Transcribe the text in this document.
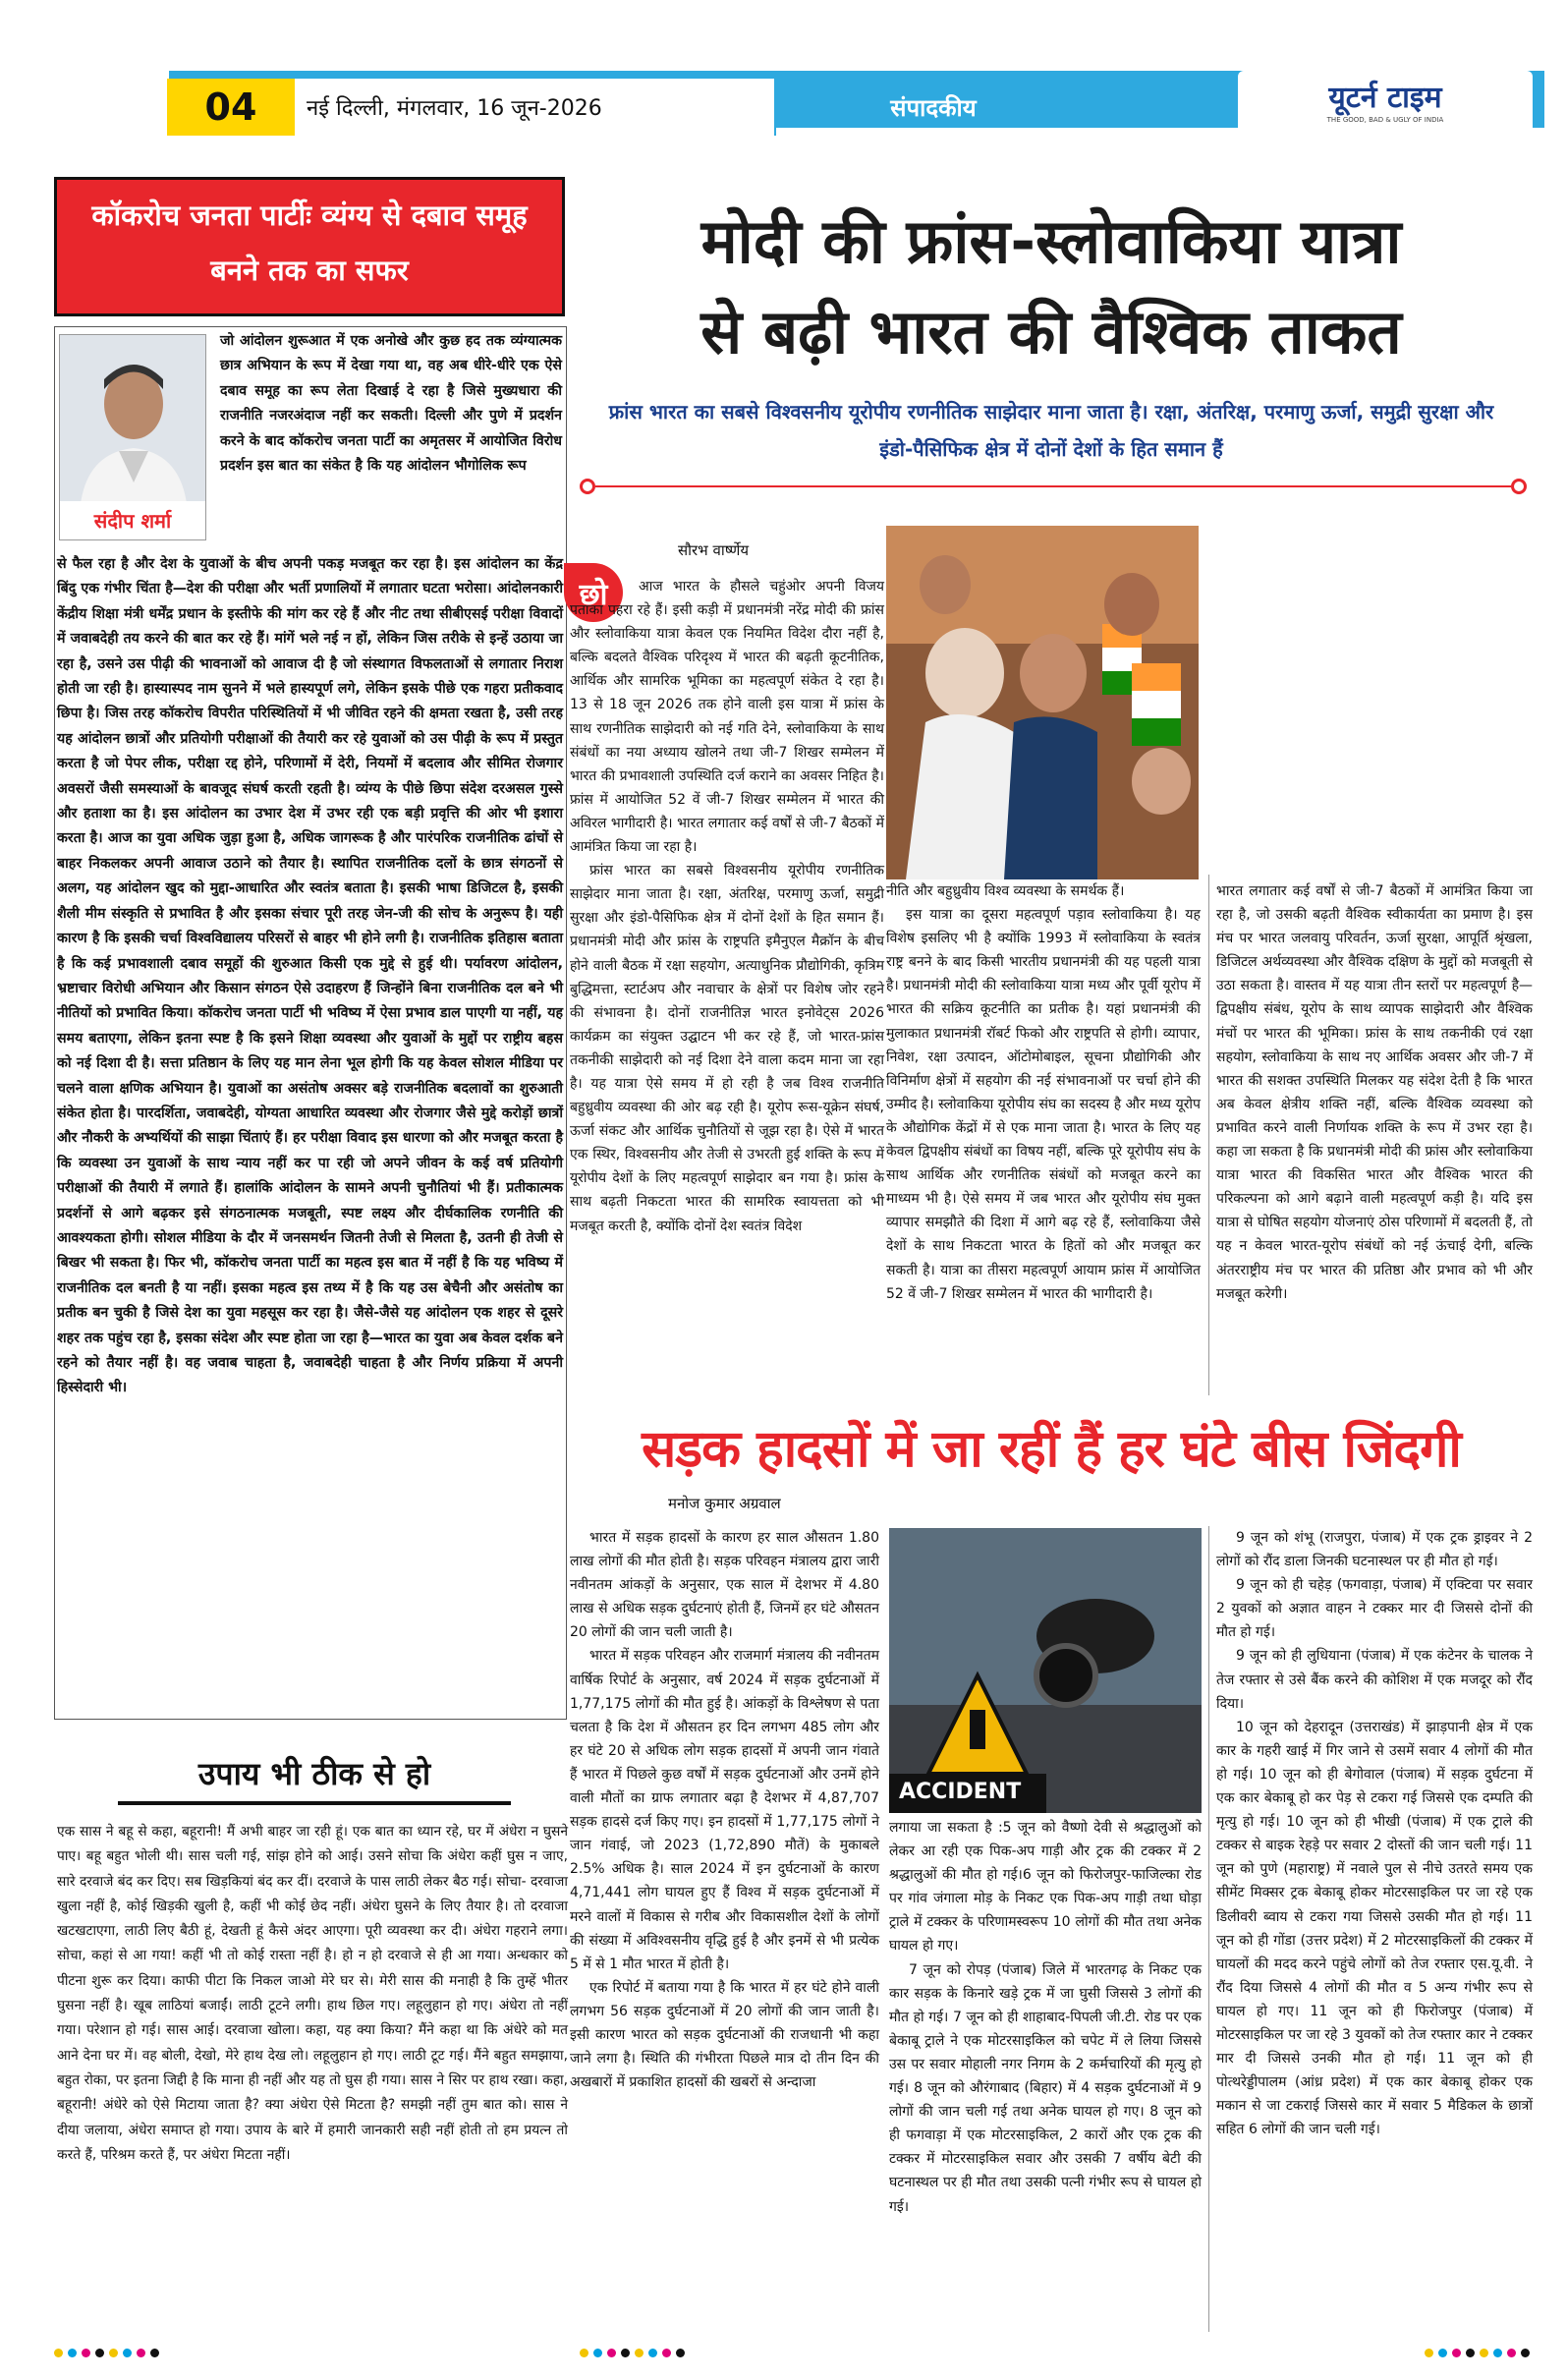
04	नई दिल्ली, मंगलवार, 16 जून-2026	संपादकीय	यूटर्न टाइम
THE GOOD, BAD & UGLY OF INDIA
कॉकरोच जनता पार्टीः व्यंग्य से दबाव समूह बनने तक का सफर
संदीप शर्मा
जो आंदोलन शुरूआत में एक अनोखे और कुछ हद तक व्यंग्यात्मक छात्र अभियान के रूप में देखा गया था, वह अब धीरे-धीरे एक ऐसे दबाव समूह का रूप लेता दिखाई दे रहा है जिसे मुख्यधारा की राजनीति नजरअंदाज नहीं कर सकती। दिल्ली और पुणे में प्रदर्शन करने के बाद कॉकरोच जनता पार्टी का अमृतसर में आयोजित विरोध प्रदर्शन इस बात का संकेत है कि यह आंदोलन भौगोलिक रूप
से फैल रहा है और देश के युवाओं के बीच अपनी पकड़ मजबूत कर रहा है। इस आंदोलन का केंद्र बिंदु एक गंभीर चिंता है—देश की परीक्षा और भर्ती प्रणालियों में लगातार घटता भरोसा। आंदोलनकारी केंद्रीय शिक्षा मंत्री धर्मेंद्र प्रधान के इस्तीफे की मांग कर रहे हैं और नीट तथा सीबीएसई परीक्षा विवादों में जवाबदेही तय करने की बात कर रहे हैं। मांगें भले नई न हों, लेकिन जिस तरीके से इन्हें उठाया जा रहा है, उसने उस पीढ़ी की भावनाओं को आवाज दी है जो संस्थागत विफलताओं से लगातार निराश होती जा रही है। हास्यास्पद नाम सुनने में भले हास्यपूर्ण लगे, लेकिन इसके पीछे एक गहरा प्रतीकवाद छिपा है। जिस तरह कॉकरोच विपरीत परिस्थितियों में भी जीवित रहने की क्षमता रखता है, उसी तरह यह आंदोलन छात्रों और प्रतियोगी परीक्षाओं की तैयारी कर रहे युवाओं को उस पीढ़ी के रूप में प्रस्तुत करता है जो पेपर लीक, परीक्षा रद्द होने, परिणामों में देरी, नियमों में बदलाव और सीमित रोजगार अवसरों जैसी समस्याओं के बावजूद संघर्ष करती रहती है। व्यंग्य के पीछे छिपा संदेश दरअसल गुस्से और हताशा का है। इस आंदोलन का उभार देश में उभर रही एक बड़ी प्रवृत्ति की ओर भी इशारा करता है। आज का युवा अधिक जुड़ा हुआ है, अधिक जागरूक है और पारंपरिक राजनीतिक ढांचों से बाहर निकलकर अपनी आवाज उठाने को तैयार है। स्थापित राजनीतिक दलों के छात्र संगठनों से अलग, यह आंदोलन खुद को मुद्दा-आधारित और स्वतंत्र बताता है। इसकी भाषा डिजिटल है, इसकी शैली मीम संस्कृति से प्रभावित है और इसका संचार पूरी तरह जेन-जी की सोच के अनुरूप है। यही कारण है कि इसकी चर्चा विश्वविद्यालय परिसरों से बाहर भी होने लगी है। राजनीतिक इतिहास बताता है कि कई प्रभावशाली दबाव समूहों की शुरुआत किसी एक मुद्दे से हुई थी। पर्यावरण आंदोलन, भ्रष्टाचार विरोधी अभियान और किसान संगठन ऐसे उदाहरण हैं जिन्होंने बिना राजनीतिक दल बने भी नीतियों को प्रभावित किया। कॉकरोच जनता पार्टी भी भविष्य में ऐसा प्रभाव डाल पाएगी या नहीं, यह समय बताएगा, लेकिन इतना स्पष्ट है कि इसने शिक्षा व्यवस्था और युवाओं के मुद्दों पर राष्ट्रीय बहस को नई दिशा दी है। सत्ता प्रतिष्ठान के लिए यह मान लेना भूल होगी कि यह केवल सोशल मीडिया पर चलने वाला क्षणिक अभियान है। युवाओं का असंतोष अक्सर बड़े राजनीतिक बदलावों का शुरुआती संकेत होता है। पारदर्शिता, जवाबदेही, योग्यता आधारित व्यवस्था और रोजगार जैसे मुद्दे करोड़ों छात्रों और नौकरी के अभ्यर्थियों की साझा चिंताएं हैं। हर परीक्षा विवाद इस धारणा को और मजबूत करता है कि व्यवस्था उन युवाओं के साथ न्याय नहीं कर पा रही जो अपने जीवन के कई वर्ष प्रतियोगी परीक्षाओं की तैयारी में लगाते हैं। हालांकि आंदोलन के सामने अपनी चुनौतियां भी हैं। प्रतीकात्मक प्रदर्शनों से आगे बढ़कर इसे संगठनात्मक मजबूती, स्पष्ट लक्ष्य और दीर्घकालिक रणनीति की आवश्यकता होगी। सोशल मीडिया के दौर में जनसमर्थन जितनी तेजी से मिलता है, उतनी ही तेजी से बिखर भी सकता है। फिर भी, कॉकरोच जनता पार्टी का महत्व इस बात में नहीं है कि यह भविष्य में राजनीतिक दल बनती है या नहीं। इसका महत्व इस तथ्य में है कि यह उस बेचैनी और असंतोष का प्रतीक बन चुकी है जिसे देश का युवा महसूस कर रहा है। जैसे-जैसे यह आंदोलन एक शहर से दूसरे शहर तक पहुंच रहा है, इसका संदेश और स्पष्ट होता जा रहा है—भारत का युवा अब केवल दर्शक बने रहने को तैयार नहीं है। वह जवाब चाहता है, जवाबदेही चाहता है और निर्णय प्रक्रिया में अपनी हिस्सेदारी भी।
उपाय भी ठीक से हो
एक सास ने बहू से कहा, बहूरानी! मैं अभी बाहर जा रही हूं। एक बात का ध्यान रहे, घर में अंधेरा न घुसने पाए। बहू बहुत भोली थी। सास चली गई, सांझ होने को आई। उसने सोचा कि अंधेरा कहीं घुस न जाए, सारे दरवाजे बंद कर दिए। सब खिड़कियां बंद कर दीं। दरवाजे के पास लाठी लेकर बैठ गई। सोचा- दरवाजा खुला नहीं है, कोई खिड़की खुली है, कहीं भी कोई छेद नहीं। अंधेरा घुसने के लिए तैयार है। तो दरवाजा खटखटाएगा, लाठी लिए बैठी हूं, देखती हूं कैसे अंदर आएगा। पूरी व्यवस्था कर दी। अंधेरा गहराने लगा। सोचा, कहां से आ गया! कहीं भी तो कोई रास्ता नहीं है। हो न हो दरवाजे से ही आ गया। अन्धकार को पीटना शुरू कर दिया। काफी पीटा कि निकल जाओ मेरे घर से। मेरी सास की मनाही है कि तुम्हें भीतर घुसना नहीं है। खूब लाठियां बजाईं। लाठी टूटने लगी। हाथ छिल गए। लहूलुहान हो गए। अंधेरा तो नहीं गया। परेशान हो गई। सास आई। दरवाजा खोला। कहा, यह क्या किया? मैंने कहा था कि अंधेरे को मत आने देना घर में। वह बोली, देखो, मेरे हाथ देख लो। लहूलुहान हो गए। लाठी टूट गई। मैंने बहुत समझाया, बहुत रोका, पर इतना जिद्दी है कि माना ही नहीं और यह तो घुस ही गया। सास ने सिर पर हाथ रखा। कहा, बहूरानी! अंधेरे को ऐसे मिटाया जाता है? क्या अंधेरा ऐसे मिटता है? समझी नहीं तुम बात को। सास ने दीया जलाया, अंधेरा समाप्त हो गया। उपाय के बारे में हमारी जानकारी सही नहीं होती तो हम प्रयत्न तो करते हैं, परिश्रम करते हैं, पर अंधेरा मिटता नहीं।
मोदी की फ्रांस-स्लोवाकिया यात्रा
से बढ़ी भारत की वैश्विक ताकत
फ्रांस भारत का सबसे विश्वसनीय यूरोपीय रणनीतिक साझेदार माना जाता है। रक्षा, अंतरिक्ष, परमाणु ऊर्जा, समुद्री सुरक्षा और इंडो-पैसिफिक क्षेत्र में दोनों देशों के हित समान हैं
छो
सौरभ वार्ष्णेय

आज भारत के हौसले चहुंओर अपनी विजय पताका पहरा रहे हैं। इसी कड़ी में प्रधानमंत्री नरेंद्र मोदी की फ्रांस और स्लोवाकिया यात्रा केवल एक नियमित विदेश दौरा नहीं है, बल्कि बदलते वैश्विक परिदृश्य में भारत की बढ़ती कूटनीतिक, आर्थिक और सामरिक भूमिका का महत्वपूर्ण संकेत दे रहा है। 13 से 18 जून 2026 तक होने वाली इस यात्रा में फ्रांस के साथ रणनीतिक साझेदारी को नई गति देने, स्लोवाकिया के साथ संबंधों का नया अध्याय खोलने तथा जी-7 शिखर सम्मेलन में भारत की प्रभावशाली उपस्थिति दर्ज कराने का अवसर निहित है। फ्रांस में आयोजित 52 वें जी-7 शिखर सम्मेलन में भारत की अविरल भागीदारी है। भारत लगातार कई वर्षों से जी-7 बैठकों में आमंत्रित किया जा रहा है।

फ्रांस भारत का सबसे विश्वसनीय यूरोपीय रणनीतिक साझेदार माना जाता है। रक्षा, अंतरिक्ष, परमाणु ऊर्जा, समुद्री सुरक्षा और इंडो-पैसिफिक क्षेत्र में दोनों देशों के हित समान हैं। प्रधानमंत्री मोदी और फ्रांस के राष्ट्रपति इमैनुएल मैक्रॉन के बीच होने वाली बैठक में रक्षा सहयोग, अत्याधुनिक प्रौद्योगिकी, कृत्रिम बुद्धिमत्ता, स्टार्टअप और नवाचार के क्षेत्रों पर विशेष जोर रहने की संभावना है। दोनों राजनीतिज्ञ भारत इनोवेट्स 2026 कार्यक्रम का संयुक्त उद्घाटन भी कर रहे हैं, जो भारत-फ्रांस तकनीकी साझेदारी को नई दिशा देने वाला कदम माना जा रहा है। यह यात्रा ऐसे समय में हो रही है जब विश्व राजनीति बहुध्रुवीय व्यवस्था की ओर बढ़ रही है। यूरोप रूस-यूक्रेन संघर्ष, ऊर्जा संकट और आर्थिक चुनौतियों से जूझ रहा है। ऐसे में भारत एक स्थिर, विश्वसनीय और तेजी से उभरती हुई शक्ति के रूप में यूरोपीय देशों के लिए महत्वपूर्ण साझेदार बन गया है। फ्रांस के साथ बढ़ती निकटता भारत की सामरिक स्वायत्तता को भी मजबूत करती है, क्योंकि दोनों देश स्वतंत्र विदेश

नीति और बहुध्रुवीय विश्व व्यवस्था के समर्थक हैं।

इस यात्रा का दूसरा महत्वपूर्ण पड़ाव स्लोवाकिया है। यह विशेष इसलिए भी है क्योंकि 1993 में स्लोवाकिया के स्वतंत्र राष्ट्र बनने के बाद किसी भारतीय प्रधानमंत्री की यह पहली यात्रा है। प्रधानमंत्री मोदी की स्लोवाकिया यात्रा मध्य और पूर्वी यूरोप में भारत की सक्रिय कूटनीति का प्रतीक है। यहां प्रधानमंत्री की मुलाकात प्रधानमंत्री रॉबर्ट फिको और राष्ट्रपति से होगी। व्यापार, निवेश, रक्षा उत्पादन, ऑटोमोबाइल, सूचना प्रौद्योगिकी और विनिर्माण क्षेत्रों में सहयोग की नई संभावनाओं पर चर्चा होने की उम्मीद है। स्लोवाकिया यूरोपीय संघ का सदस्य है और मध्य यूरोप के औद्योगिक केंद्रों में से एक माना जाता है। भारत के लिए यह केवल द्विपक्षीय संबंधों का विषय नहीं, बल्कि पूरे यूरोपीय संघ के साथ आर्थिक और रणनीतिक संबंधों को मजबूत करने का माध्यम भी है। ऐसे समय में जब भारत और यूरोपीय संघ मुक्त व्यापार समझौते की दिशा में आगे बढ़ रहे हैं, स्लोवाकिया जैसे देशों के साथ निकटता भारत के हितों को और मजबूत कर सकती है। यात्रा का तीसरा महत्वपूर्ण आयाम फ्रांस में आयोजित 52 वें जी-7 शिखर सम्मेलन में भारत की भागीदारी है।

भारत लगातार कई वर्षों से जी-7 बैठकों में आमंत्रित किया जा रहा है, जो उसकी बढ़ती वैश्विक स्वीकार्यता का प्रमाण है। इस मंच पर भारत जलवायु परिवर्तन, ऊर्जा सुरक्षा, आपूर्ति श्रृंखला, डिजिटल अर्थव्यवस्था और वैश्विक दक्षिण के मुद्दों को मजबूती से उठा सकता है। वास्तव में यह यात्रा तीन स्तरों पर महत्वपूर्ण है—द्विपक्षीय संबंध, यूरोप के साथ व्यापक साझेदारी और वैश्विक मंचों पर भारत की भूमिका। फ्रांस के साथ तकनीकी एवं रक्षा सहयोग, स्लोवाकिया के साथ नए आर्थिक अवसर और जी-7 में भारत की सशक्त उपस्थिति मिलकर यह संदेश देती है कि भारत अब केवल क्षेत्रीय शक्ति नहीं, बल्कि वैश्विक व्यवस्था को प्रभावित करने वाली निर्णायक शक्ति के रूप में उभर रहा है। कहा जा सकता है कि प्रधानमंत्री मोदी की फ्रांस और स्लोवाकिया यात्रा भारत की विकसित भारत और वैश्विक भारत की परिकल्पना को आगे बढ़ाने वाली महत्वपूर्ण कड़ी है। यदि इस यात्रा से घोषित सहयोग योजनाएं ठोस परिणामों में बदलती हैं, तो यह न केवल भारत-यूरोप संबंधों को नई ऊंचाई देगी, बल्कि अंतरराष्ट्रीय मंच पर भारत की प्रतिष्ठा और प्रभाव को भी और मजबूत करेगी।

सड़क हादसों में जा रहीं हैं हर घंटे बीस जिंदगी
मनोज कुमार अग्रवाल

भारत में सड़क हादसों के कारण हर साल औसतन 1.80 लाख लोगों की मौत होती है। सड़क परिवहन मंत्रालय द्वारा जारी नवीनतम आंकड़ों के अनुसार, एक साल में देशभर में 4.80 लाख से अधिक सड़क दुर्घटनाएं होती हैं, जिनमें हर घंटे औसतन 20 लोगों की जान चली जाती है।

भारत में सड़क परिवहन और राजमार्ग मंत्रालय की नवीनतम वार्षिक रिपोर्ट के अनुसार, वर्ष 2024 में सड़क दुर्घटनाओं में 1,77,175 लोगों की मौत हुई है। आंकड़ों के विश्लेषण से पता चलता है कि देश में औसतन हर दिन लगभग 485 लोग और हर घंटे 20 से अधिक लोग सड़क हादसों में अपनी जान गंवाते हैं भारत में पिछले कुछ वर्षों में सड़क दुर्घटनाओं और उनमें होने वाली मौतों का ग्राफ लगातार बढ़ा है देशभर में 4,87,707 सड़क हादसे दर्ज किए गए। इन हादसों में 1,77,175 लोगों ने जान गंवाई, जो 2023 (1,72,890 मौतें) के मुकाबले 2.5% अधिक है। साल 2024 में इन दुर्घटनाओं के कारण 4,71,441 लोग घायल हुए हैं विश्व में सड़क दुर्घटनाओं में मरने वालों में विकास से गरीब और विकासशील देशों के लोगों की संख्या में अविश्वसनीय वृद्धि हुई है और इनमें से भी प्रत्येक 5 में से 1 मौत भारत में होती है।

एक रिपोर्ट में बताया गया है कि भारत में हर घंटे होने वाली लगभग 56 सड़क दुर्घटनाओं में 20 लोगों की जान जाती है। इसी कारण भारत को सड़क दुर्घटनाओं की राजधानी भी कहा जाने लगा है। स्थिति की गंभीरता पिछले मात्र दो तीन दिन की अखबारों में प्रकाशित हादसों की खबरों से अन्दाजा

ACCIDENT

लगाया जा सकता है :5 जून को वैष्णो देवी से श्रद्धालुओं को लेकर आ रही एक पिक-अप गाड़ी और ट्रक की टक्कर में 2 श्रद्धालुओं की मौत हो गई।6 जून को फिरोजपुर-फाजिल्का रोड पर गांव जंगाला मोड़ के निकट एक पिक-अप गाड़ी तथा घोड़ा ट्राले में टक्कर के परिणामस्वरूप 10 लोगों की मौत तथा अनेक घायल हो गए।

7 जून को रोपड़ (पंजाब) जिले में भारतगढ़ के निकट एक कार सड़क के किनारे खड़े ट्रक में जा घुसी जिससे 3 लोगों की मौत हो गई। 7 जून को ही शाहाबाद-पिपली जी.टी. रोड पर एक बेकाबू ट्राले ने एक मोटरसाइकिल को चपेट में ले लिया जिससे उस पर सवार मोहाली नगर निगम के 2 कर्मचारियों की मृत्यु हो गई। 8 जून को औरंगाबाद (बिहार) में 4 सड़क दुर्घटनाओं में 9 लोगों की जान चली गई तथा अनेक घायल हो गए। 8 जून को ही फगवाड़ा में एक मोटरसाइकिल, 2 कारों और एक ट्रक की टक्कर में मोटरसाइकिल सवार और उसकी 7 वर्षीय बेटी की घटनास्थल पर ही मौत तथा उसकी पत्नी गंभीर रूप से घायल हो गई।

9 जून को शंभू (राजपुरा, पंजाब) में एक ट्रक ड्राइवर ने 2 लोगों को रौंद डाला जिनकी घटनास्थल पर ही मौत हो गई।

9 जून को ही चहेड़ (फगवाड़ा, पंजाब) में एक्टिवा पर सवार 2 युवकों को अज्ञात वाहन ने टक्कर मार दी जिससे दोनों की मौत हो गई।

9 जून को ही लुधियाना (पंजाब) में एक कंटेनर के चालक ने तेज रफ्तार से उसे बैंक करने की कोशिश में एक मजदूर को रौंद दिया।

10 जून को देहरादून (उत्तराखंड) में झाड़पानी क्षेत्र में एक कार के गहरी खाई में गिर जाने से उसमें सवार 4 लोगों की मौत हो गई। 10 जून को ही बेगोवाल (पंजाब) में सड़क दुर्घटना में एक कार बेकाबू हो कर पेड़ से टकरा गई जिससे एक दम्पति की मृत्यु हो गई। 10 जून को ही भीखी (पंजाब) में एक ट्राले की टक्कर से बाइक रेहड़े पर सवार 2 दोस्तों की जान चली गई। 11 जून को पुणे (महाराष्ट्र) में नवाले पुल से नीचे उतरते समय एक सीमेंट मिक्सर ट्रक बेकाबू होकर मोटरसाइकिल पर जा रहे एक डिलीवरी ब्वाय से टकरा गया जिससे उसकी मौत हो गई। 11 जून को ही गोंडा (उत्तर प्रदेश) में 2 मोटरसाइकिलों की टक्कर में घायलों की मदद करने पहुंचे लोगों को तेज रफ्तार एस.यू.वी. ने रौंद दिया जिससे 4 लोगों की मौत व 5 अन्य गंभीर रूप से घायल हो गए। 11 जून को ही फिरोजपुर (पंजाब) में मोटरसाइकिल पर जा रहे 3 युवकों को तेज रफ्तार कार ने टक्कर मार दी जिससे उनकी मौत हो गई। 11 जून को ही पोत्थरेड्डीपालम (आंध्र प्रदेश) में एक कार बेकाबू होकर एक मकान से जा टकराई जिससे कार में सवार 5 मैडिकल के छात्रों सहित 6 लोगों की जान चली गई।
